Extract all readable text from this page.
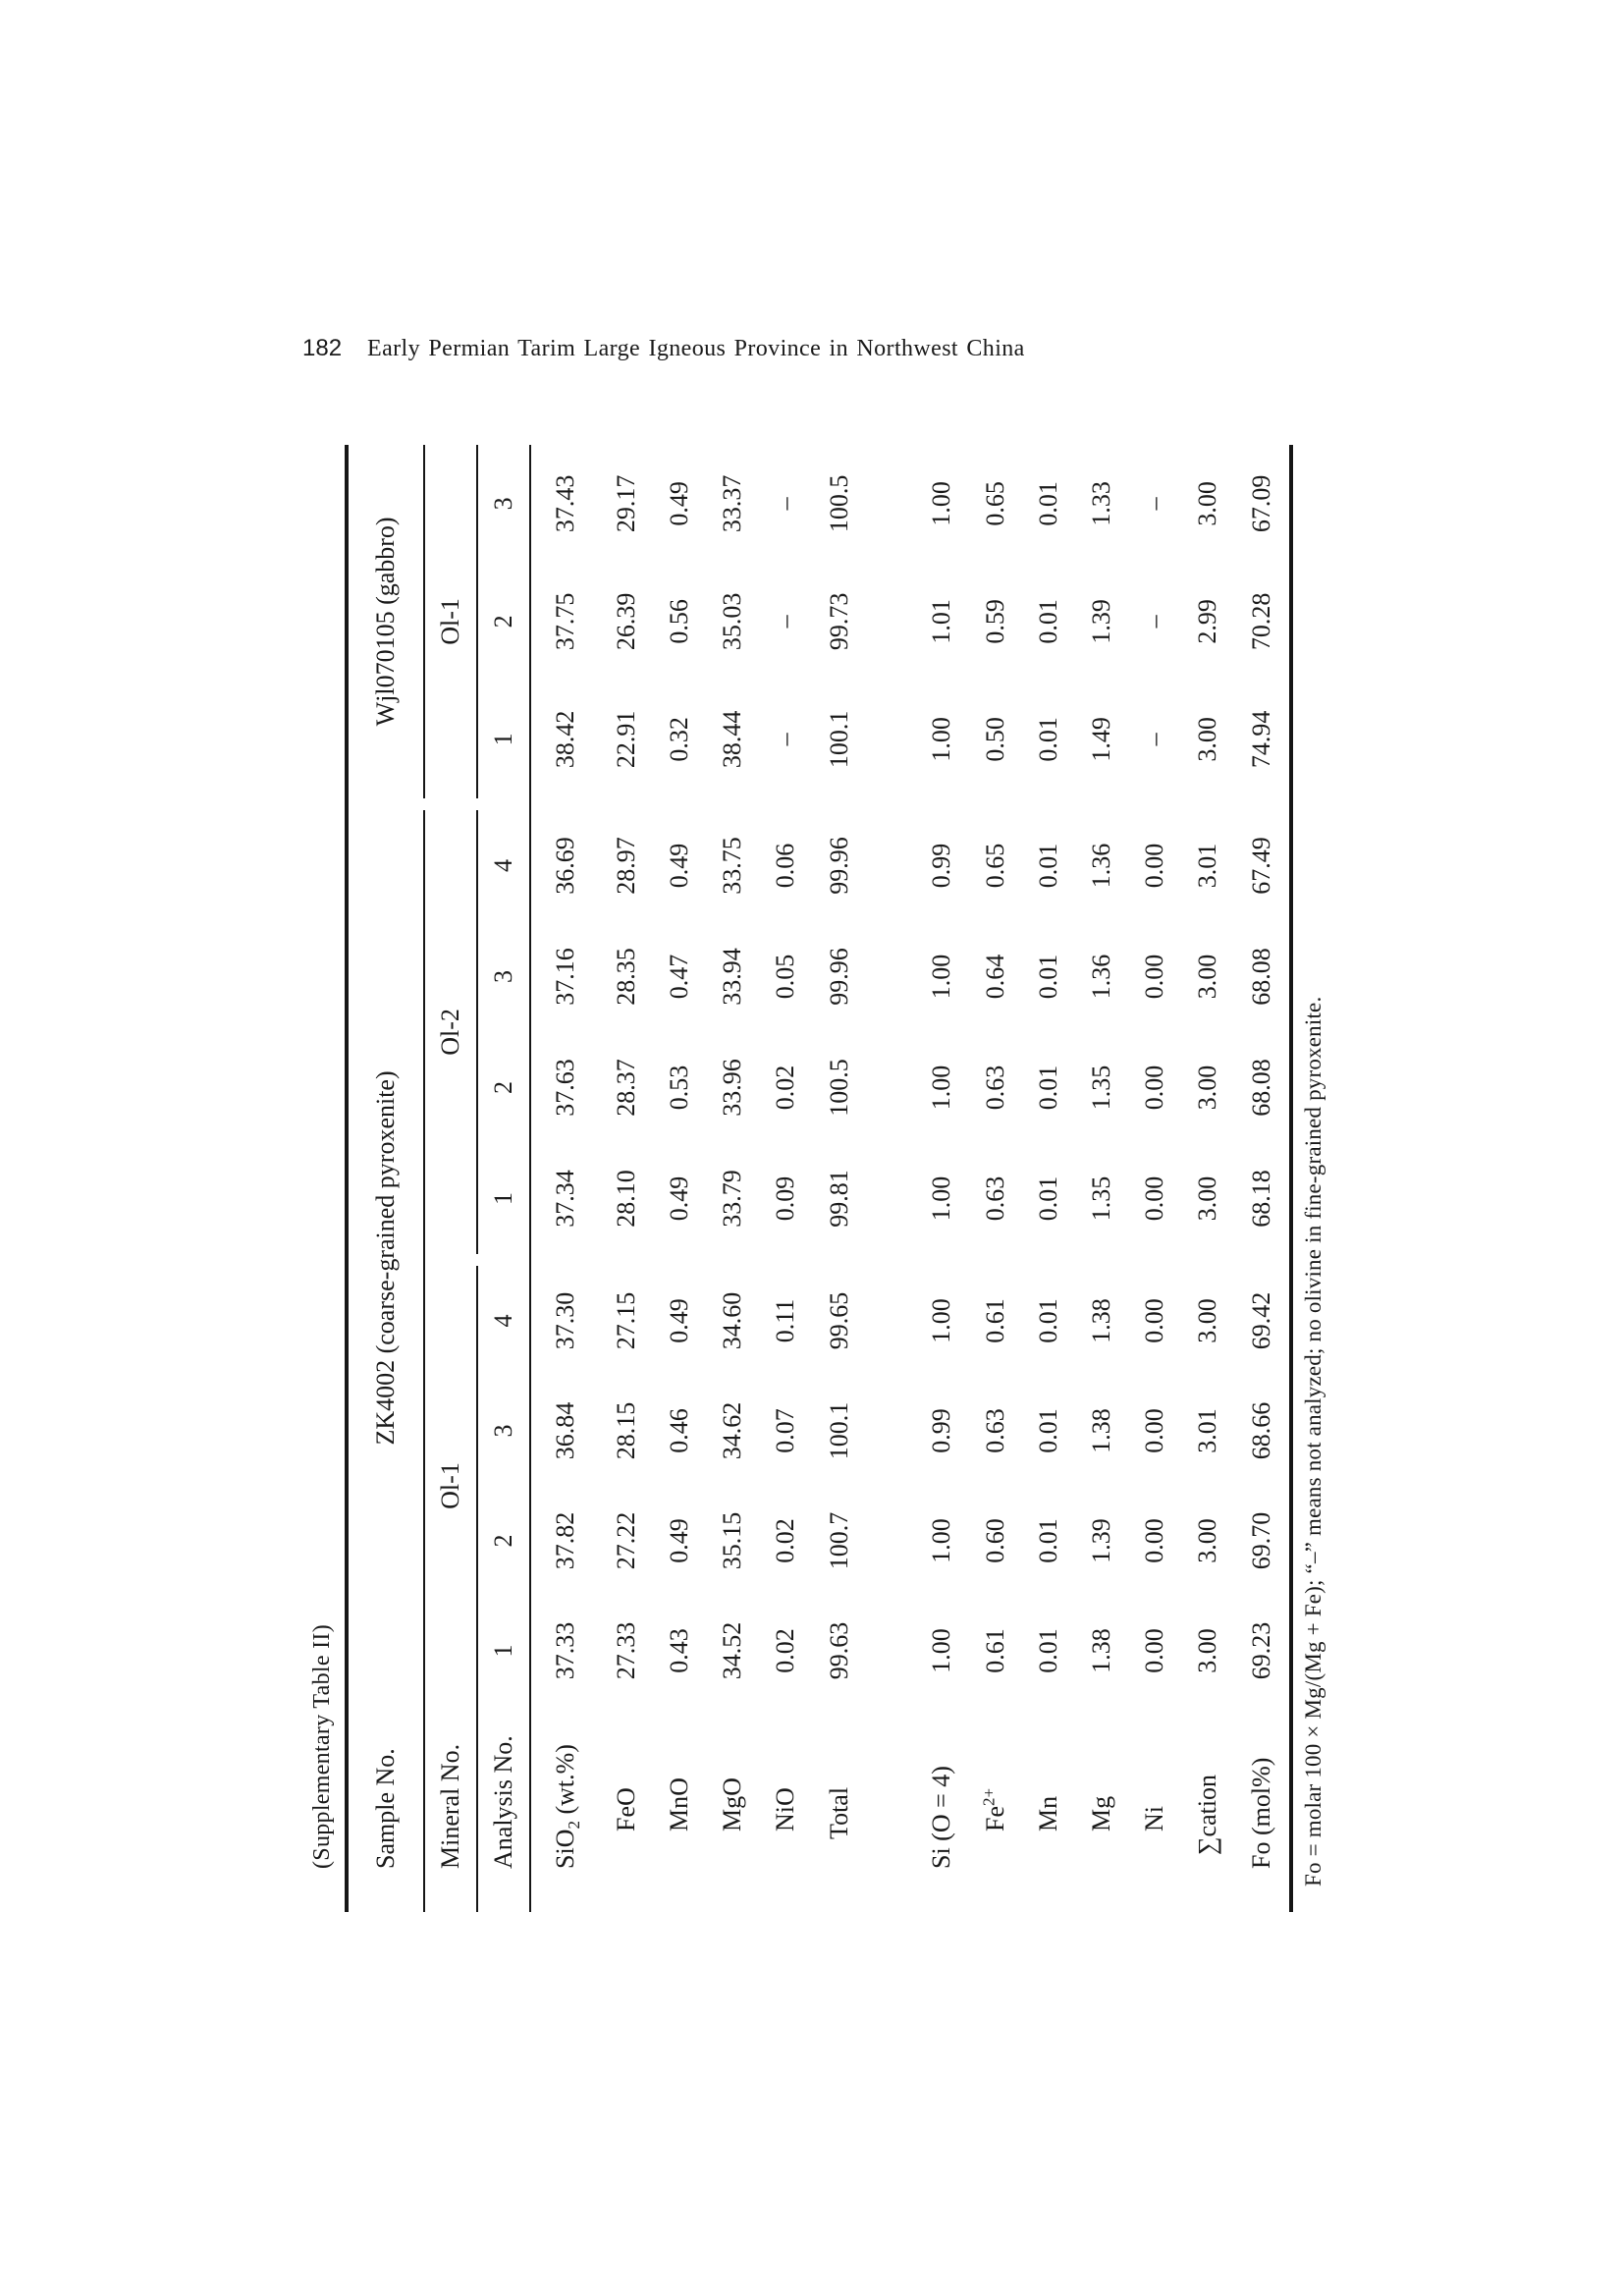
182 Early Permian Tarim Large Igneous Province in Northwest China
(Supplementary Table II)	Sample No.	ZK4002 (coarse-grained pyroxenite)										Wjl070105 (gabbro)		
Mineral No.	Ol-1					Ol-2					Ol-1		
Analysis No.	1	2	3	4		1	2	3	4		1	2	3
SiO$_2$ (wt.%)	37.33	37.82	36.84	37.30		37.34	37.63	37.16	36.69		38.42	37.75	37.43
FeO	27.33	27.22	28.15	27.15		28.10	28.37	28.35	28.97		22.91	26.39	29.17
MnO	0.43	0.49	0.46	0.49		0.49	0.53	0.47	0.49		0.32	0.56	0.49
MgO	34.52	35.15	34.62	34.60		33.79	33.96	33.94	33.75		38.44	35.03	33.37
NiO	0.02	0.02	0.07	0.11		0.09	0.02	0.05	0.06		–	–	–
Total	99.63	100.7	100.1	99.65		99.81	100.5	99.96	99.96		100.1	99.73	100.5

Si (O = 4)	1.00	1.00	0.99	1.00		1.00	1.00	1.00	0.99		1.00	1.01	1.00
$Fe^{2+}$	0.61	0.60	0.63	0.61		0.63	0.63	0.64	0.65		0.50	0.59	0.65
Mn	0.01	0.01	0.01	0.01		0.01	0.01	0.01	0.01		0.01	0.01	0.01
Mg	1.38	1.39	1.38	1.38		1.35	1.35	1.36	1.36		1.49	1.39	1.33
Ni	0.00	0.00	0.00	0.00		0.00	0.00	0.00	0.00		–	–	–
∑cation	3.00	3.00	3.01	3.00		3.00	3.00	3.00	3.01		3.00	2.99	3.00
Fo (mol%)	69.23	69.70	68.66	69.42		68.18	68.08	68.08	67.49		74.94	70.28	67.09
Fo = molar 100 × Mg/(Mg + Fe); “–” means not analyzed; no olivine in fine-grained pyroxenite.
